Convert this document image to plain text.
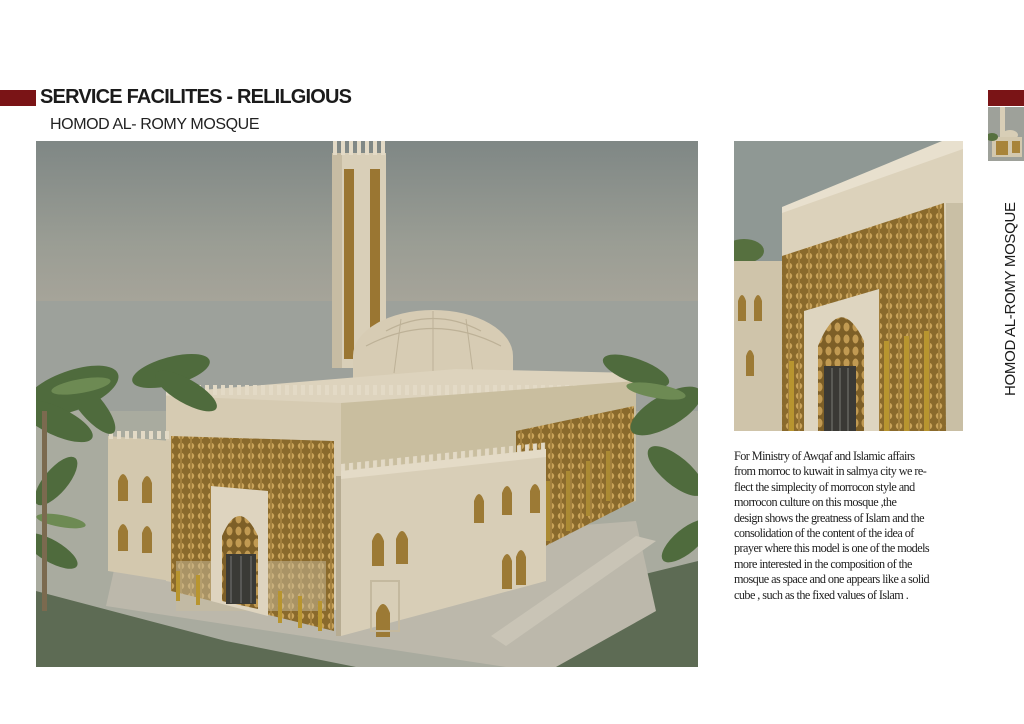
SERVICE FACILITES - RELILGIOUS
HOMOD AL- ROMY MOSQUE
HOMOD AL-ROMY MOSQUE
For Ministry of Awqaf and Islamic affairs
from morroc to kuwait in salmya city we re-
flect the simplecity of morrocon style and
morrocon culture on this mosque ,the
design shows the greatness of Islam and the
consolidation of the content of the idea of
prayer where this model is one of the models
more interested in the composition of the
mosque as space and one appears like a solid
cube , such as the fixed values of Islam .
